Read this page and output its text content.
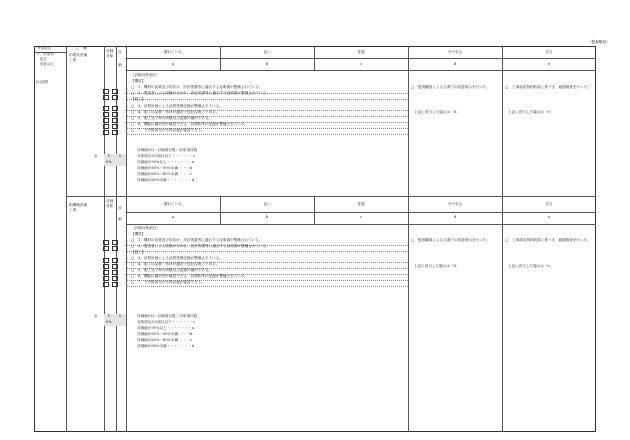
（監督職員）
考査項目
３．出来形
　及び
　出来ばえ
(2)品質
工　種
3)電気設備
工事
評価対象
評
価
優れている	良い	普通	やや劣る	劣る
a	b	c	d	e
［評価対象項目］
【機材】
□　1．機材の品質及び形状が、設計図書等に適合する証明書が整備されている。
□　2．製造者による試験が行われ、設計図書等に適合する証明書が整備されている。
【施工】
□　3．品質計画による品質管理記録が整備されている。
□　4．施工の品質・形状が適切で良好な施工である。
□　5．施工完了時の試験及び記録が適切である。
□　6．機能の適切性が確認できる、試運転等の記録が整備されている。
□　7．不可視部分の写真記録が確認できる。
計	0 0
0%
評価値(%)＝評価項目数／対象項目数
対象項目が2項目以下・・・・・・c
評価値が90%以上・・・・・・・a
評価値が80%～90%未満 ・・・b
評価値が60%～80%未満 ・・・c
評価値が60%未満・・・・・・・d
□　監督職員による文書での改善指示を行った。
上記に該当した場合は「d」
□　工事請負契約約款に基づき、破損検査を行った。
上記に該当した場合は「e」
4)機械設備
工事
評価対象
評
価
優れている	良い	普通	やや劣る	劣る
a	b	c	d	e
［評価対象項目］
【機材】
□　1．機材の品質及び形状が、設計図書等に適合する証明書が整備されている。
□　2．製造者による試験が行われ、設計図書等に適合する証明書が整備されている。
【施工】
□　3．品質計画による品質管理記録が整備されている。
□　4．施工の品質・形状が適切で良好な施工である。
□　5．施工完了時の試験及び記録が適切である。
□　6．機能の適切性が確認できる、試運転等の記録が整備されている。
□　7．不可視部分の写真記録が確認できる。
計	0 0
0%
評価値(%)＝評価項目数／対象項目数
対象項目が2項目以下・・・・・・c
評価値が90%以上・・・・・・・a
評価値が80%～90%未満 ・・・b
評価値が60%～80%未満 ・・・c
評価値が60%未満・・・・・・・d
□　監督職員による文書での改善指示を行った。
上記に該当した場合は「d」
□　工事請負契約約款に基づき、破損検査を行った。
上記に該当した場合は「e」
